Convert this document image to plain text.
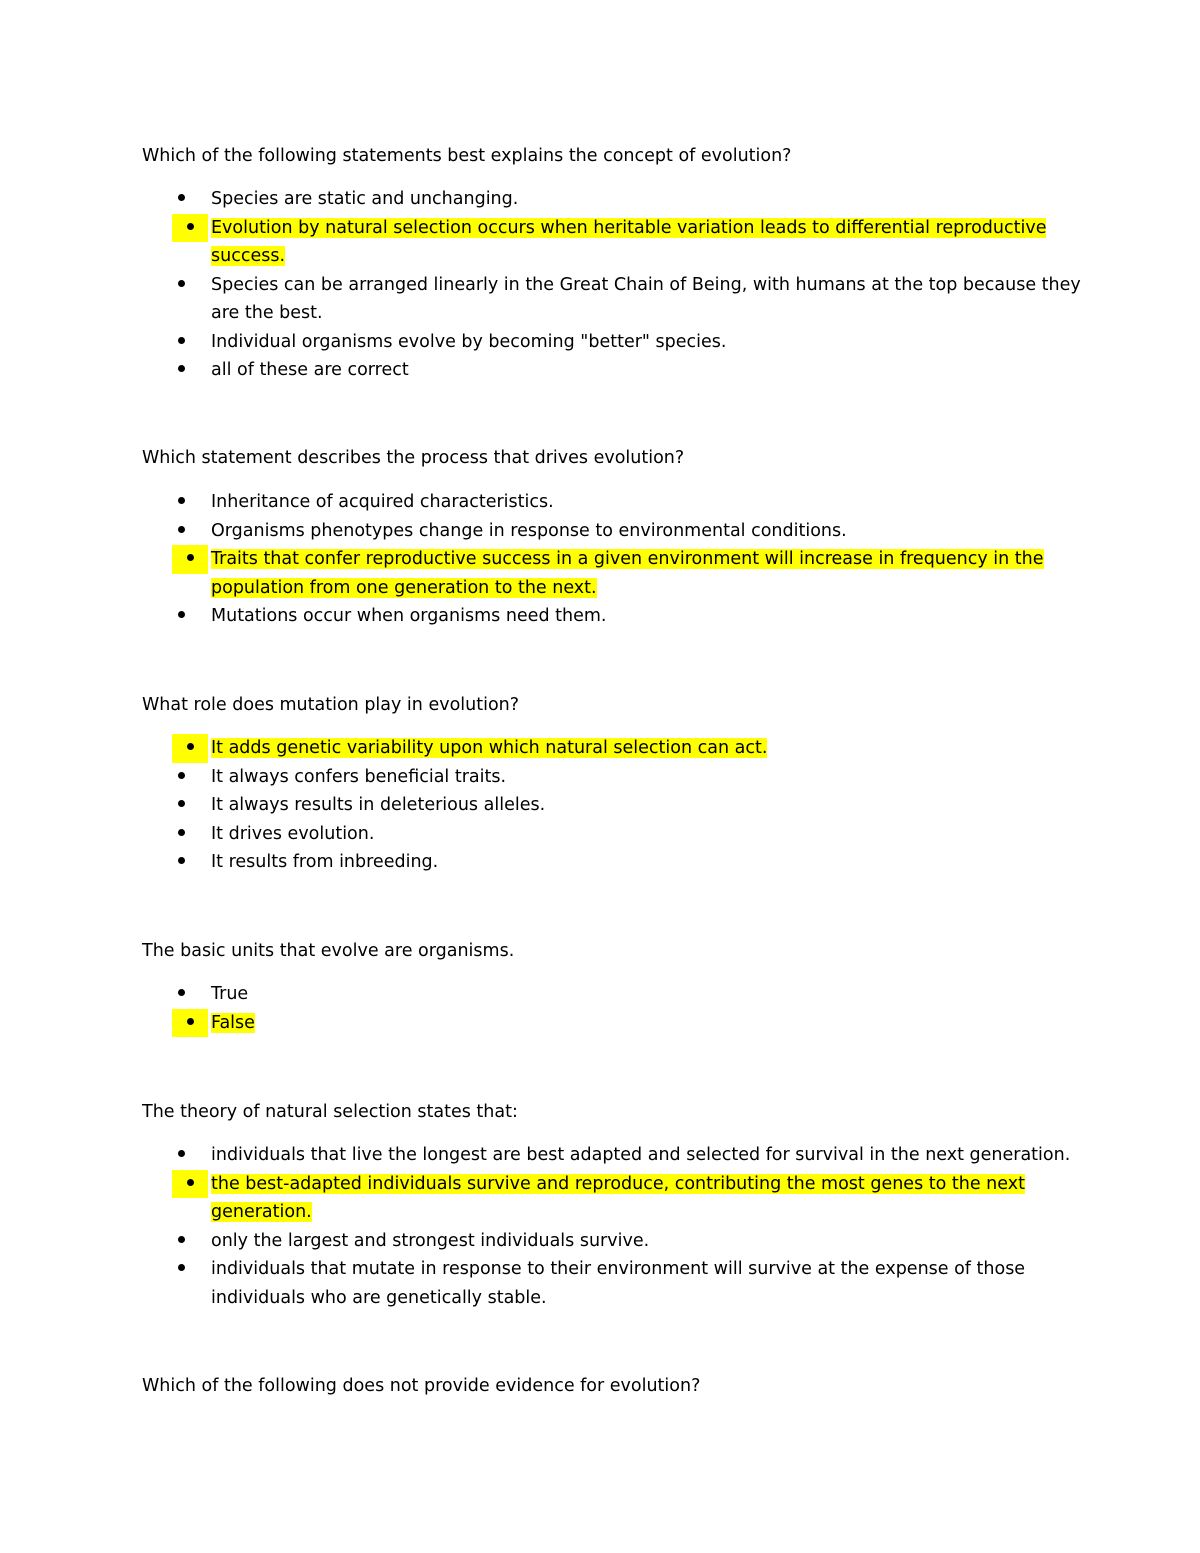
Which of the following statements best explains the concept of evolution?
Species are static and unchanging.
Evolution by natural selection occurs when heritable variation leads to differential reproductive success.
Species can be arranged linearly in the Great Chain of Being, with humans at the top because they are the best.
Individual organisms evolve by becoming "better" species.
all of these are correct
Which statement describes the process that drives evolution?
Inheritance of acquired characteristics.
Organisms phenotypes change in response to environmental conditions.
Traits that confer reproductive success in a given environment will increase in frequency in the population from one generation to the next.
Mutations occur when organisms need them.
What role does mutation play in evolution?
It adds genetic variability upon which natural selection can act.
It always confers beneficial traits.
It always results in deleterious alleles.
It drives evolution.
It results from inbreeding.
The basic units that evolve are organisms.
True
False
The theory of natural selection states that:
individuals that live the longest are best adapted and selected for survival in the next generation.
the best-adapted individuals survive and reproduce, contributing the most genes to the next generation.
only the largest and strongest individuals survive.
individuals that mutate in response to their environment will survive at the expense of those individuals who are genetically stable.
Which of the following does not provide evidence for evolution?
